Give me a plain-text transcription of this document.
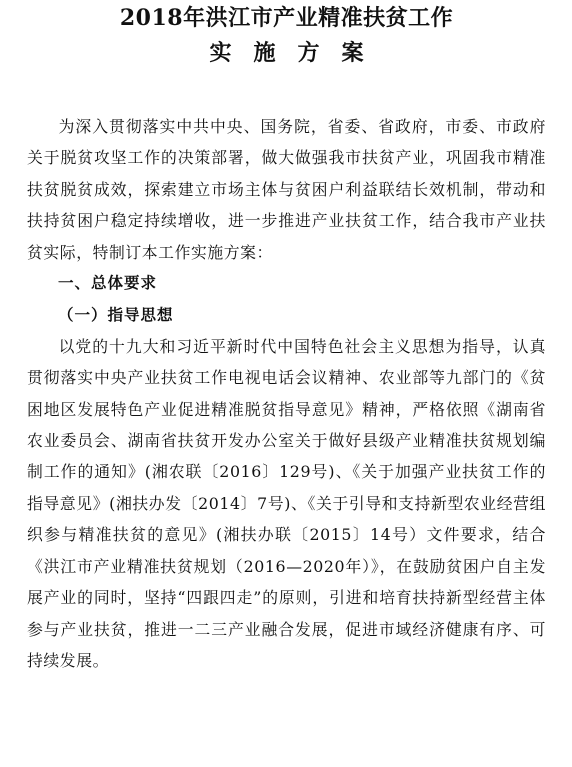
2018年洪江市产业精准扶贫工作
实施方案

为深入贯彻落实中共中央、国务院，省委、省政府，市委、市政府关于脱贫攻坚工作的决策部署，做大做强我市扶贫产业，巩固我市精准扶贫脱贫成效，探索建立市场主体与贫困户利益联结长效机制，带动和扶持贫困户稳定持续增收，进一步推进产业扶贫工作，结合我市产业扶贫实际，特制订本工作实施方案：

一、总体要求
（一）指导思想

以党的十九大和习近平新时代中国特色社会主义思想为指导，认真贯彻落实中央产业扶贫工作电视电话会议精神、农业部等九部门的《贫困地区发展特色产业促进精准脱贫指导意见》精神，严格依照《湖南省农业委员会、湖南省扶贫开发办公室关于做好县级产业精准扶贫规划编制工作的通知》(湘农联〔2016〕129号)、《关于加强产业扶贫工作的指导意见》(湘扶办发〔2014〕7号)、《关于引导和支持新型农业经营组织参与精准扶贫的意见》(湘扶办联〔2015〕14号）文件要求，结合《洪江市产业精准扶贫规划（2016—2020年）》，在鼓励贫困户自主发展产业的同时，坚持“四跟四走”的原则，引进和培育扶持新型经营主体参与产业扶贫，推进一二三产业融合发展，促进市域经济健康有序、可持续发展。
